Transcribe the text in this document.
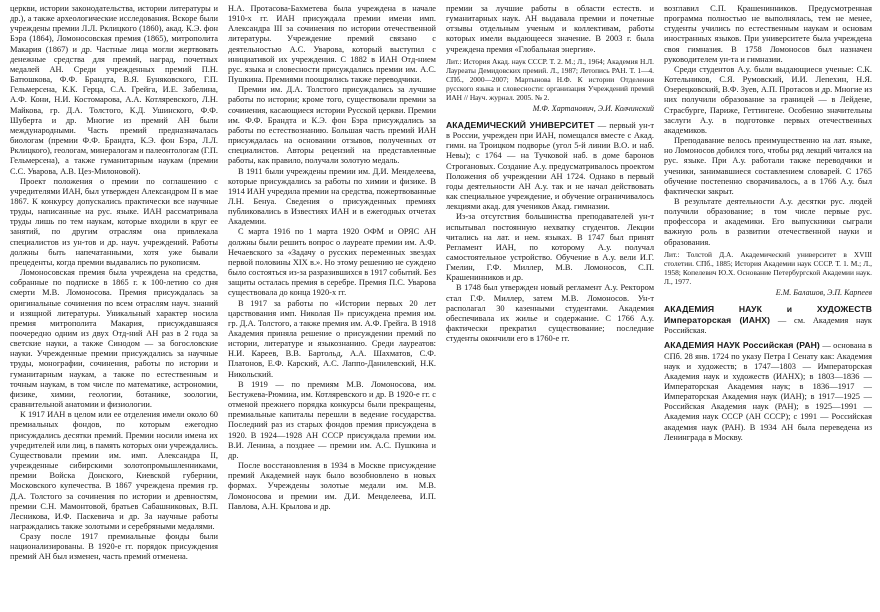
церкви, истории законодательства, истории литературы и др.), а также археологические исследования. Вскоре были учреждены премии Л.Л. Рклицкого (1860), акад. К.Э. фон Бэра (1864), Ломоносовская премия (1865), митрополита Макария (1867) и др. Частные лица могли жертвовать денежные средства для премий, наград, почетных медалей АН. Среди учрежденных премий П.Н. Батюшкова, Ф.Ф. Брандта, В.Я. Буняковского, Г.П. Гельмерсена, К.К. Герца, С.А. Грейга, И.Е. Забелина, А.Ф. Кони, Н.И. Костомарова, А.А. Котляревского, Л.Н. Майкова, гр. Д.А. Толстого, К.Д. Ушинского, Ф.Ф. Шуберта и др. Многие из премий АН были международными. Часть премий предназначалась биологам (премии Ф.Ф. Брандта, К.Э. фон Бэра, Л.Л. Рклицкого), геологам, минералогам и палеонтологам (Г.П. Гельмерсена), а также гуманитарным наукам (премии С.С. Уварова, А.В. Цез-Милоновой).

Проект положения о премии по соглашению с учредителями ИАН, был утвержден Александром II в мае 1867. К конкурсу допускались практически все научные труды, написанные на рус. языке. ИАН рассматривала труды лишь по тем наукам, которые входили в круг ее занятий, по другим отраслям она привлекала специалистов из ун-тов и др. науч. учреждений. Работы должны быть напечатанными, хотя уже бывали прецеденты, когда премии выдавались по рукописям.

Ломоносовская премия была учреждена на средства, собранные по подписке в 1865 г. к 100-летию со дня смерти М.В. Ломоносова. Премия присуждалась за оригинальные сочинения по всем отраслям науч. знаний и изящной литературы. Уникальный характер носила премия митрополита Макария, присуждавшаяся поочередно одним из двух Отд-ний АН раз в 2 года за светские науки, а также Синодом — за богословские науки. Учрежденные премии присуждались за научные труды, монографии, сочинения, работы по истории и гуманитарным наукам, а также по естественным и точным наукам, в том числе по математике, астрономии, физике, химии, геологии, ботанике, зоологии, сравнительной анатомии и физиологии.

К 1917 ИАН в целом или ее отделения имели около 60 премиальных фондов, по которым ежегодно присуждались десятки премий. Премии носили имена их учредителей или лиц, в память которых они учреждались. Существовали премии им. имп. Александра II, учрежденные сибирскими золотопромышленниками, премии Войска Донского, Киевской губернии, Московского купечества. В 1867 учреждена премия гр. Д.А. Толстого за сочинения по истории и древностям, премии С.Н. Мамонтовой, братьев Сабашниковых, В.П. Лесникова, И.Ф. Паскевича и др. За научные работы награждались также золотыми и серебряными медалями.

Сразу после 1917 премиальные фонды были национализированы. В 1920-е гг. порядок присуждения премий АН был изменен, часть премий отменена.

Н.А. Протасова-Бахметева была учреждена в начале 1910-х гг. ИАН присуждала премии имени имп. Александра III за сочинения по истории отечественной литературы. Учреждение премий связано с деятельностью А.С. Уварова, который выступил с инициативой их учреждения. С 1882 в ИАН Отд-нием рус. языка и словесности присуждались премии им. А.С. Пушкина. Премиями поощрялись также переводчики.

Премии им. Д.А. Толстого присуждались за лучшие работы по истории; кроме того, существовали премии за сочинения, касающиеся истории Русской церкви. Премии им. Ф.Ф. Брандта и К.Э. фон Бэра присуждались за работы по естествознанию. Большая часть премий ИАН присуждалась на основании отзывов, полученных от специалистов. Авторы рецензий на представленные работы, как правило, получали золотую медаль.

В 1911 были учреждены премии им. Д.И. Менделеева, которые присуждались за работы по химии и физике. В 1914 ИАН учредила премии на средства, пожертвованные Л.Н. Бенуа. Сведения о присужденных премиях публиковались в Известиях ИАН и в ежегодных отчетах Академии.

С марта 1916 по 1 марта 1920 ОФМ и ОРЯС АН должны были решить вопрос о лауреате премии им. А.Ф. Нечаевского за «Задачу о русских переменных звездах первой половины XIX в.». Но этому решению не суждено было состояться из-за разразившихся в 1917 событий. Без защиты осталась премия в серебре. Премия П.С. Уварова существовала до конца 1920-х гг.

В 1917 за работы по «Истории первых 20 лет царствования имп. Николая II» присуждена премия им. гр. Д.А. Толстого, а также премия им. А.Ф. Грейга. В 1918 Академия приняла решение о присуждении премий по истории, литературе и языкознанию. Среди лауреатов: Н.И. Кареев, В.В. Бартольд, А.А. Шахматов, С.Ф. Платонов, Е.Ф. Карский, А.С. Лаппо-Данилевский, Н.К. Никольский.

В 1919 — по премиям М.В. Ломоносова, им. Бестужева-Рюмина, им. Котляревского и др. В 1920-е гг. с отменой прежнего порядка конкурсы были прекращены, премиальные капиталы перешли в ведение государства. Последний раз из старых фондов премия присуждена в 1920. В 1924—1928 АН СССР присуждала премии им. В.И. Ленина, а позднее — премии им. А.С. Пушкина и др.

После восстановления в 1934 в Москве присуждение премий Академией наук было возобновлено в новых формах. Учреждены золотые медали им. М.В. Ломоносова и премии им. Д.И. Менделеева, И.П. Павлова, А.Н. Крылова и др.

премии за лучшие работы в области естеств. и гуманитарных наук. АН выдавала премии и почетные отзывы отдельным ученым и коллективам, работы которых имели выдающееся значение. В 2003 г. была учреждена премия «Глобальная энергия».

Лит.: История Акад. наук СССР. Т. 2. М.; Л., 1964; Академия Н.Л. Лауреаты Демидовских премий. Л., 1987; Летопись РАН. Т. 1—4. СПб., 2000—2007; Мартынова Н.Ф. К истории Отделения русского языка и словесности: организация Учреждений премий ИАН // Науч. журнал. 2005. № 2.

М.Ф. Хартанович, Э.И. Колчинский

АКАДЕМИЧЕСКИЙ УНИВЕРСИТЕТ — первый ун-т в России, учрежден при ИАН, помещался вместе с Акад. гимн. на Троицком подворье (угол 5-й линии В.О. и наб. Невы); с 1764 — на Тучковой наб. в доме баронов Строгановых. Создание А.у. предусматривалось проектом Положения об учреждении АН 1724. Однако в первый годы деятельности АН А.у. так и не начал действовать как специальное учреждение, и обучение ограничивалось лекциями акад. для учеников Акад. гимназии.

Из-за отсутствия большинства преподавателей ун-т испытывал постоянную нехватку студентов. Лекции читались на лат. и нем. языках. В 1747 был принят Регламент ИАН, по которому А.у. получал самостоятельное устройство. Обучение в А.у. вели И.Г. Гмелин, Г.Ф. Миллер, М.В. Ломоносов, С.П. Крашенинников и др.

В 1748 был утвержден новый регламент А.у. Ректором стал Г.Ф. Миллер, затем М.В. Ломоносов. Ун-т располагал 30 казенными студентами. Академия обеспечивала их жилье и содержание. С 1766 А.у. фактически прекратил существование; последние студенты окончили его в 1760-е гг.

возглавил С.П. Крашенинников. Предусмотренная программа полностью не выполнялась, тем не менее, студенты учились по естественным наукам и основам иностранных языков. При университете была учреждена своя гимназия. В 1758 Ломоносов был назначен руководителем ун-та и гимназии.

Среди студентов А.у. были выдающиеся ученые: С.К. Котельников, С.Я. Румовский, И.И. Лепехин, Н.Я. Озерецковский, В.Ф. Зуев, А.П. Протасов и др. Многие из них получили образование за границей — в Лейдене, Страсбурге, Париже, Геттингене. Особенно значительны заслуги А.у. в подготовке первых отечественных академиков.

Преподавание велось преимущественно на лат. языке, но Ломоносов добился того, чтобы ряд лекций читался на рус. языке. При А.у. работали также переводчики и ученики, занимавшиеся составлением словарей. С 1765 обучение постепенно сворачивалось, а в 1766 А.у. был фактически закрыт.

В результате деятельности А.у. десятки рус. людей получили образование; в том числе первые рус. профессора и академики. Его выпускники сыграли важную роль в развитии отечественной науки и образования.

Лит.: Толстой Д.А. Академический университет в XVIII столетии. СПб., 1885; История Академии наук СССР. Т. 1. М.; Л., 1958; Копелевич Ю.Х. Основание Петербургской Академии наук. Л., 1977.

Е.М. Балашов, Э.П. Карпеев

АКАДЕМИЯ НАУК и ХУДОЖЕСТВ Императорская (ИАНХ) — см. Академия наук Российская.

АКАДЕМИЯ НАУК Российская (РАН) — основана в СПб. 28 янв. 1724 по указу Петра I Сенату как: Академия наук и художеств; в 1747—1803 — Императорская Академия наук и художеств (ИАНХ); в 1803—1836 — Императорская Академия наук; в 1836—1917 — Императорская Академия наук (ИАН); в 1917—1925 — Российская Академия наук (РАН); в 1925—1991 — Академия наук СССР (АН СССР); с 1991 — Российская академия наук (РАН). В 1934 АН была переведена из Ленинграда в Москву.
